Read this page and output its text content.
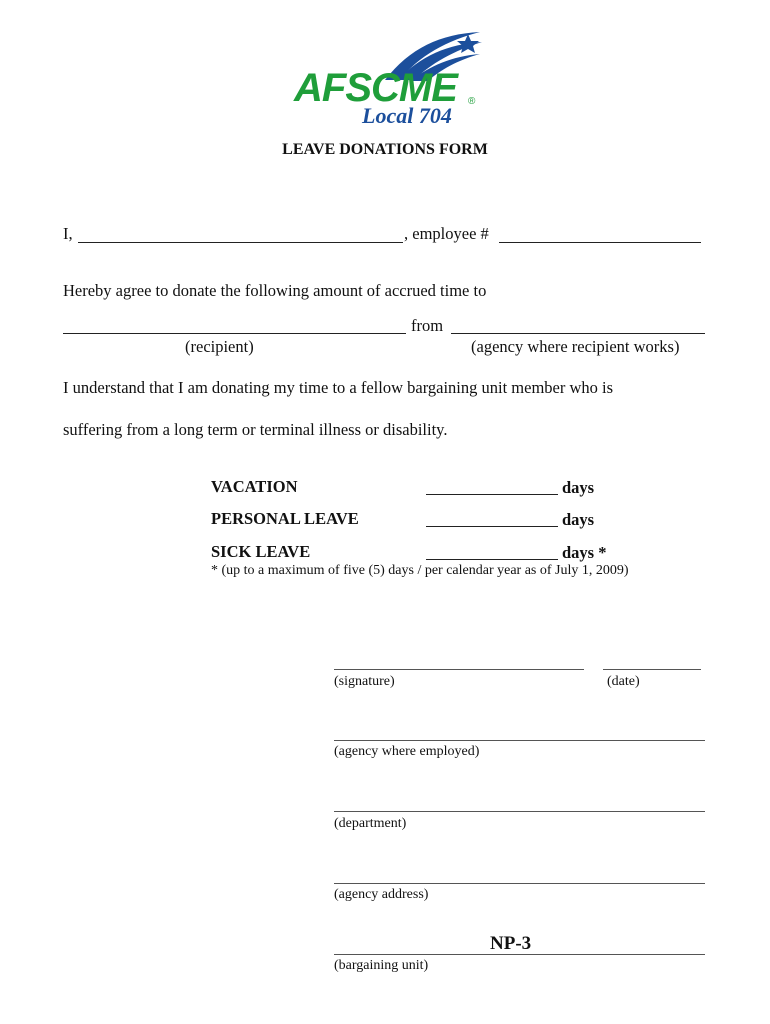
AFSCME ®
Local 704
LEAVE DONATIONS FORM
I,	, employee #
Hereby agree to donate the following amount of accrued time to
from
(recipient)	(agency where recipient works)
I understand that I am donating my time to a fellow bargaining unit member who is
suffering from a long term or terminal illness or disability.
VACATION	days
PERSONAL LEAVE	days
SICK LEAVE	days *
* (up to a maximum of five (5) days / per calendar year as of July 1, 2009)
(signature)	(date)
(agency where employed)
(department)
(agency address)
NP-3
(bargaining unit)
